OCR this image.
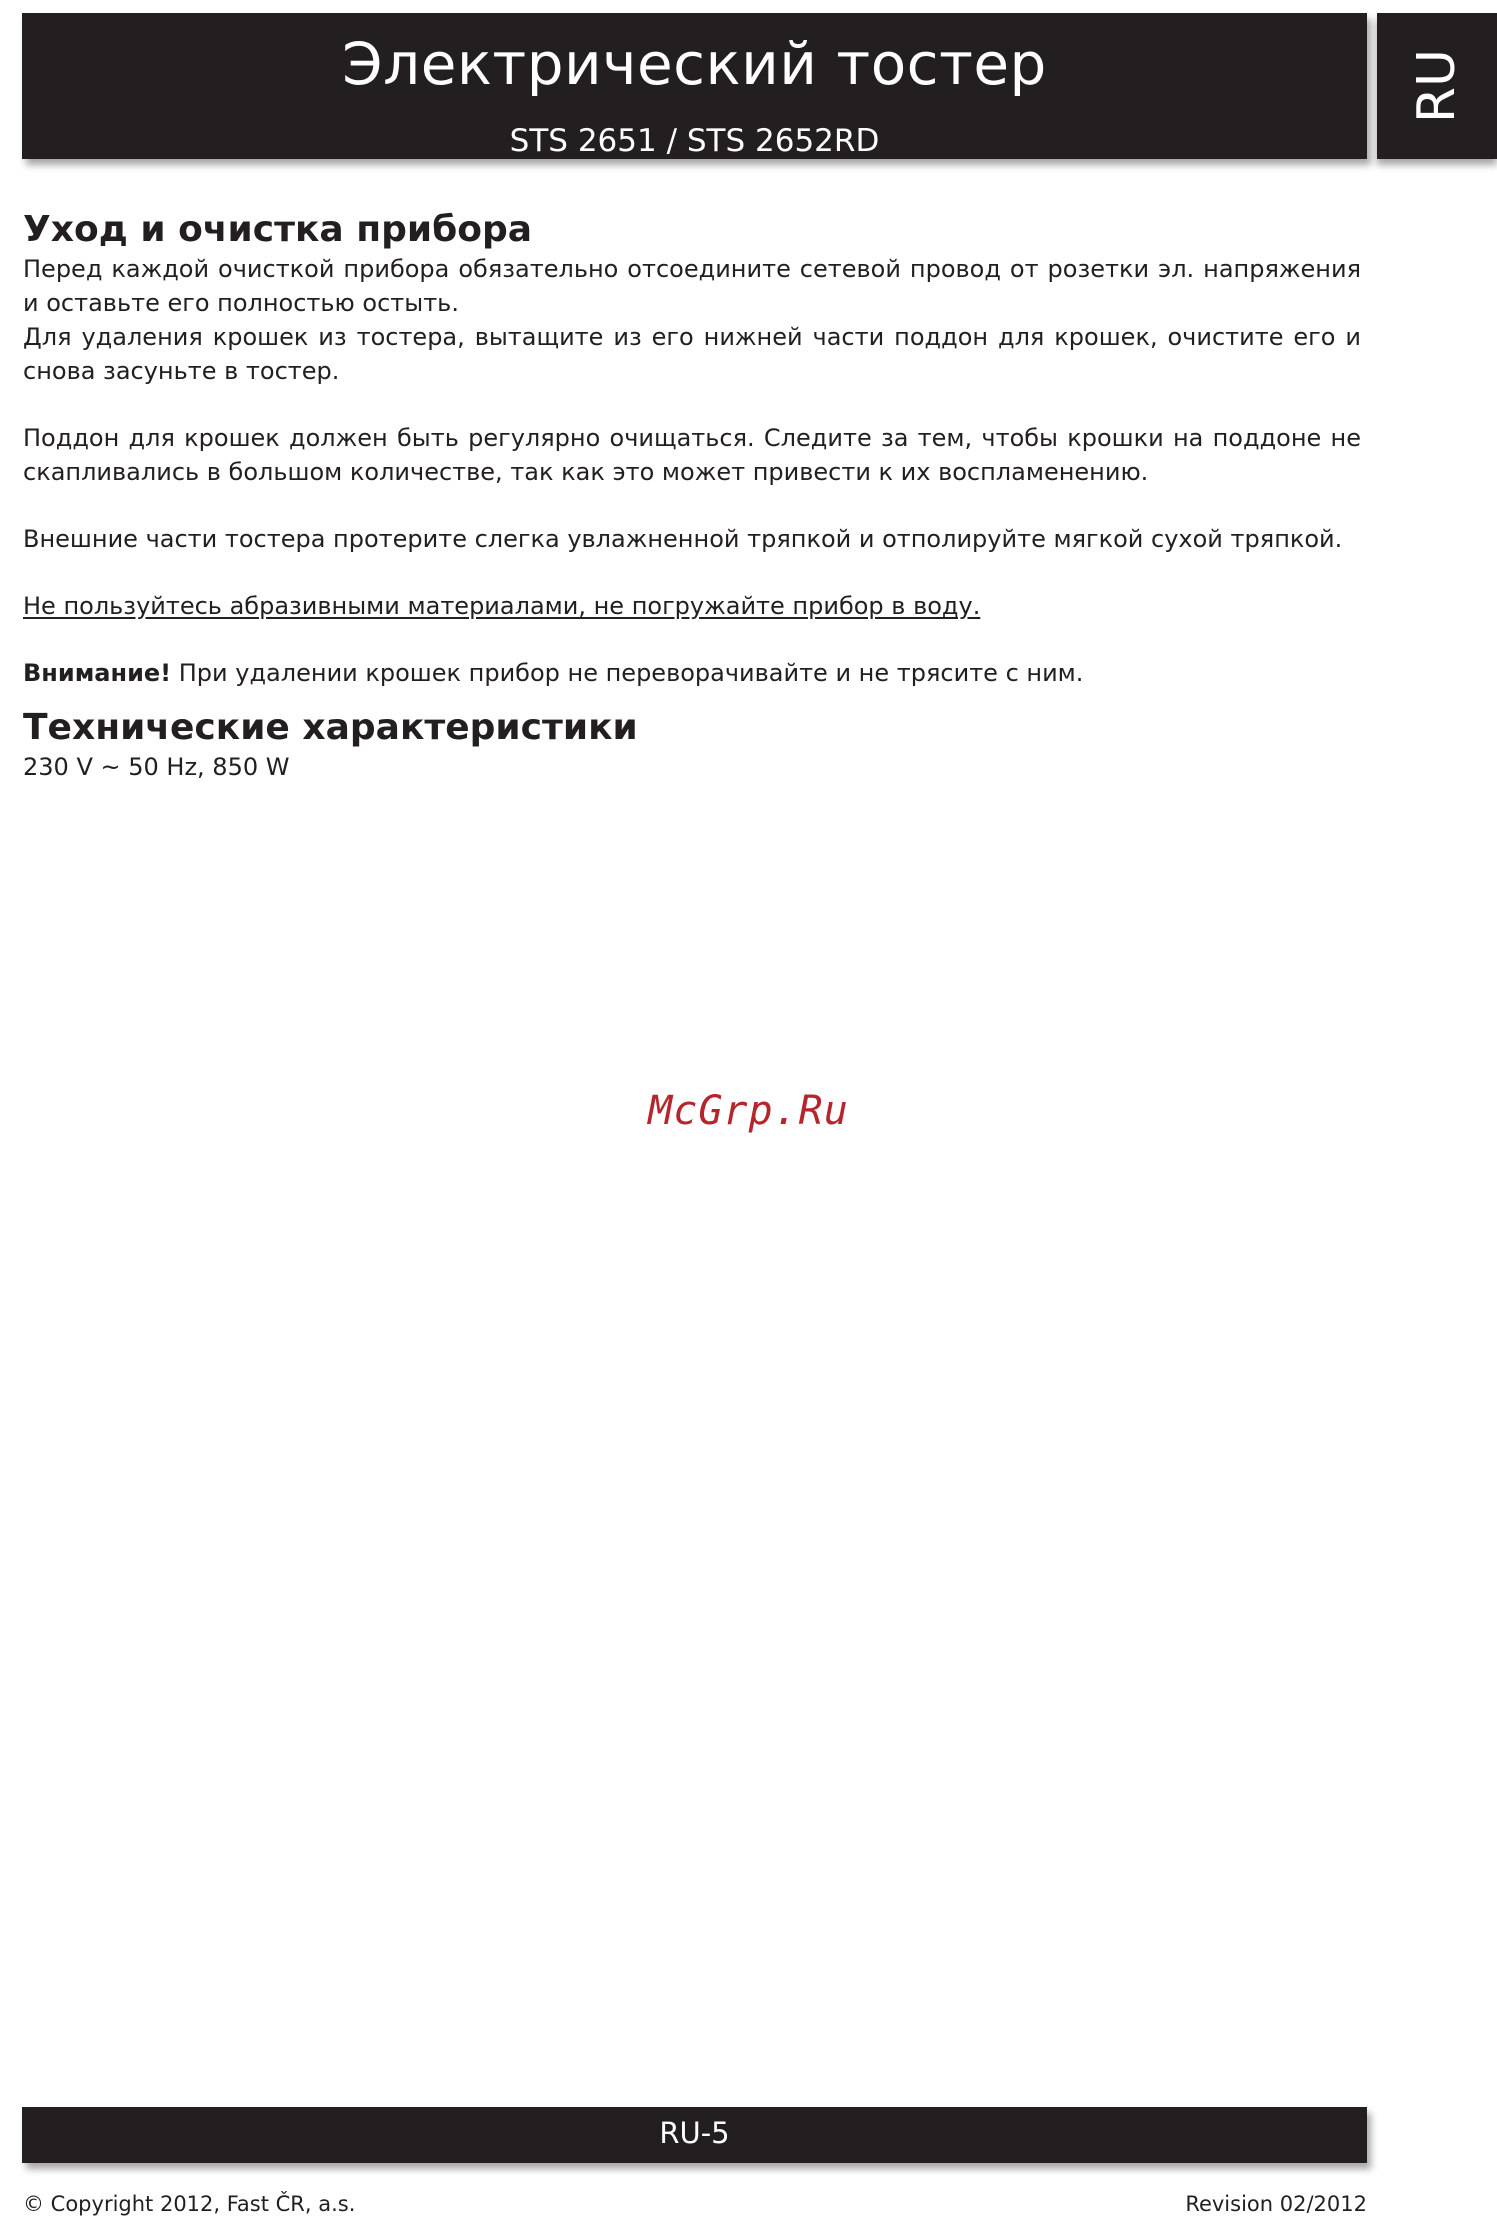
Электрический тостер
STS 2651 / STS 2652RD
RU
Уход и очистка прибора

Перед каждой очисткой прибора обязательно отсоедините сетевой провод от розетки эл. напряжения и оставьте его полностью остыть.

Для удаления крошек из тостера, вытащите из его нижней части поддон для крошек, очистите его и снова засуньте в тостер.

Поддон для крошек должен быть регулярно очищаться. Следите за тем, чтобы крошки на поддоне не скапливались в большом количестве, так как это может привести к их воспламенению.

Внешние части тостера протерите слегка увлажненной тряпкой и отполируйте мягкой сухой тряпкой.

Не пользуйтесь абразивными материалами, не погружайте прибор в воду.

Внимание! При удалении крошек прибор не переворачивайте и не трясите с ним.

Технические характеристики

230 V ~ 50 Hz, 850 W

McGrp.Ru
RU-5
© Copyright 2012, Fast ČR, a.s.	Revision 02/2012
